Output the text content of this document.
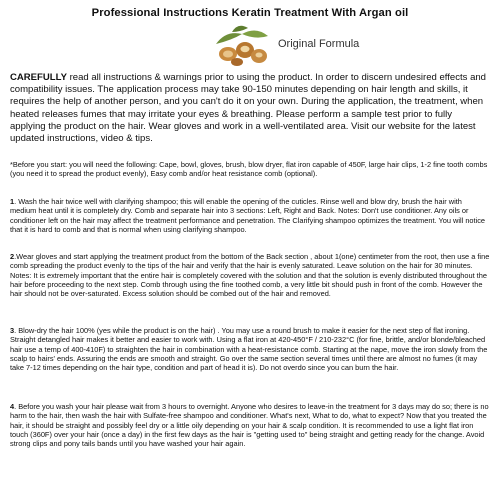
Professional Instructions Keratin Treatment With Argan oil
Original Formula

CAREFULLY read all instructions & warnings prior to using the product. In order to discern undesired effects and compatibility issues. The application process may take 90-150 minutes depending on hair length and skills, it requires the help of another person, and you can't do it on your own. During the application, the treatment, when heated releases fumes that may irritate your eyes & breathing. Please perform a sample test prior to fully applying the product on the hair. Wear gloves and work in a well-ventilated area. Visit our website for the latest updated instructions, video & tips.

*Before you start: you will need the following: Cape, bowl, gloves, brush, blow dryer, flat iron capable of 450F, large hair clips, 1-2 fine tooth combs (you need it to spread the product evenly), Easy comb and/or heat resistance comb (optional).

1. Wash the hair twice well with clarifying shampoo; this will enable the opening of the cuticles. Rinse well and blow dry, brush the hair with medium heat until it is completely dry. Comb and separate hair into 3 sections: Left, Right and Back. Notes: Don't use conditioner. Any oils or conditioner left on the hair may affect the treatment performance and penetration. The Clarifying shampoo optimizes the treatment. You will notice that it is hard to comb and that is normal when using clarifying shampoo.

2.Wear gloves and start applying the treatment product from the bottom of the Back section , about 1(one) centimeter from the root, then use a fine comb spreading the product evenly to the tips of the hair and verify that the hair is evenly saturated. Leave solution on the hair for 30 minutes. Notes: It is extremely important that the entire hair is completely covered with the solution and that the solution is evenly distributed throughout the hair before proceeding to the next step. Comb through using the fine toothed comb, a very little bit should push in front of the comb. However the hair should not be over-saturated. Excess solution should be combed out of the hair and removed.

3. Blow-dry the hair 100% (yes while the product is on the hair) . You may use a round brush to make it easier for the next step of flat ironing. Straight detangled hair makes it better and easier to work with. Using a flat iron at 420-450°F / 210-232°C (for fine, brittle, and/or blonde/bleached hair use a temp of 400-410F) to straighten the hair in combination with a heat-resistance comb. Starting at the nape, move the iron slowly from the scalp to hairs' ends. Assuring the ends are smooth and straight. Go over the same section several times until there are almost no fumes (it may take 7-12 times depending on the hair type, condition and part of head it is). Do not overdo since you can burn the hair.

4. Before you wash your hair please wait from 3 hours to overnight. Anyone who desires to leave-in the treatment for 3 days may do so; there is no harm to the hair, then wash the hair with Sulfate-free shampoo and conditioner. What's next, What to do, what to expect? Now that you treated the hair, it should be straight and possibly feel dry or a little oily depending on your hair & scalp condition. It is recommended to use a light flat iron touch (360F) over your hair (once a day) in the first few days as the hair is "getting used to" being straight and getting ready for the change. Avoid strong clips and pony tails bands until you have washed your hair again.
